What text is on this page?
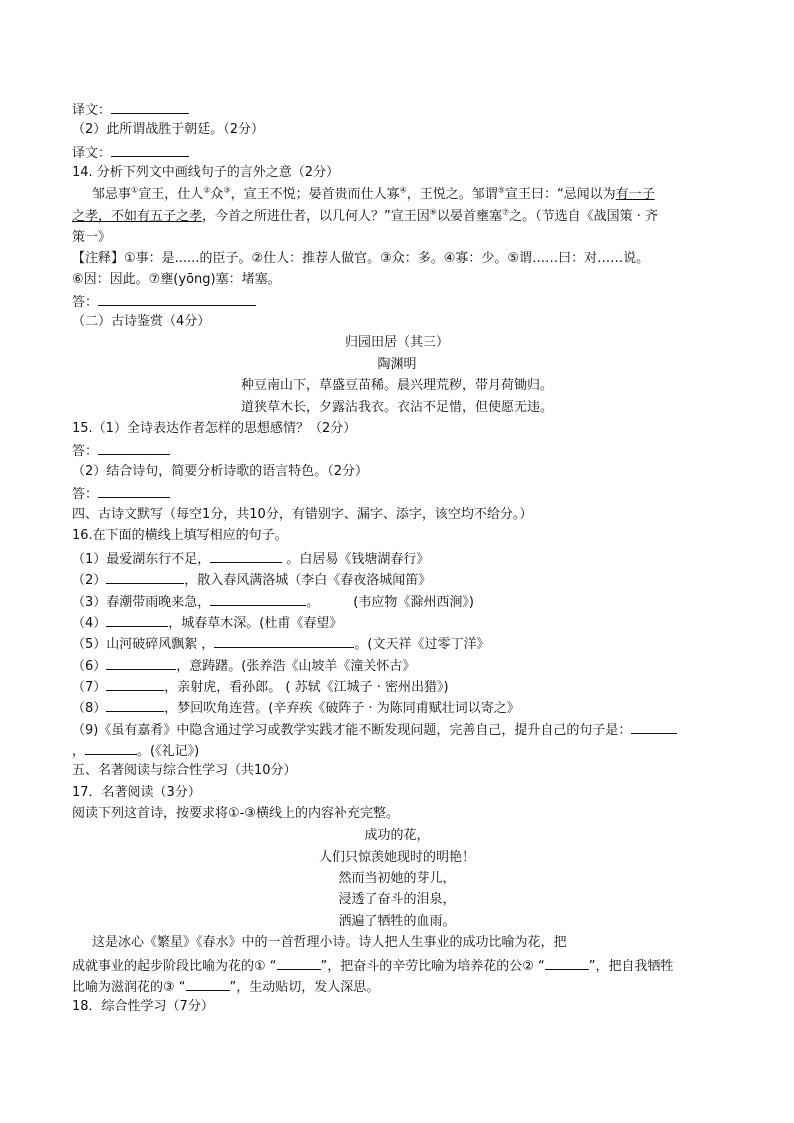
译文：
（2）此所谓战胜于朝廷。（2分）
译文：
14. 分析下列文中画线句子的言外之意（2分）
邹忌事①宣王，仕人②众③，宣王不悦；晏首贵而仕人寡④，王悦之。邹谓⑤宣王曰：“忌闻以为有一子
之孝，不如有五子之孝，今首之所进仕者，以几何人？”宣王因⑥以晏首壅塞⑦之。（节选自《战国策 · 齐
策一》
【注释】①事：是......的臣子。②仕人：推荐人做官。③众：多。④寡：少。⑤谓……曰：对……说。
⑥因：因此。⑦壅(yōng)塞：堵塞。
答：
（二）古诗鉴赏（4分）
归园田居（其三）
陶渊明
种豆南山下，草盛豆苗稀。晨兴理荒秽，带月荷锄归。
道狭草木长，夕露沾我衣。衣沾不足惜，但使愿无违。
15.（1）全诗表达作者怎样的思想感情？（2分）
答：
（2）结合诗句，简要分析诗歌的语言特色。（2分）
答：
四、古诗文默写（每空1分，共10分，有错别字、漏字、添字，该空均不给分。）
16.在下面的横线上填写相应的句子。
（1）最爱湖东行不足，	。白居易《钱塘湖春行》
（2）	，散入春风满洛城（李白《春夜洛城闻笛》
（3）春潮带雨晚来急，	。	(韦应物《滁州西涧》)
（4）	，城春草木深。(杜甫《春望》
（5）山河破碎风飘絮 ，	。(文天祥《过零丁洋》
（6）	，意踌躇。(张养浩《山坡羊《潼关怀古》
（7）	，亲射虎，看孙郎。 ( 苏轼《江城子 · 密州出猎》)
（8）	，梦回吹角连营。(辛弃疾《破阵子 · 为陈同甫赋壮词以寄之》
（9)《虽有嘉肴》中隐含通过学习或教学实践才能不断发现问题，完善自己，提升自己的句子是：
，	。(《礼记》)
五、名著阅读与综合性学习（共10分）
17．名著阅读（3分）
阅读下列这首诗，按要求将①-③横线上的内容补充完整。
成功的花，
人们只惊羡她现时的明艳！
然而当初她的芽儿，
浸透了奋斗的泪泉，
洒遍了牺牲的血雨。
这是冰心《繁星》《春水》中的一首哲理小诗。诗人把人生事业的成功比喻为花，把
成就事业的起步阶段比喻为花的① “	”，把奋斗的辛劳比喻为培养花的公② “	”，把自我牺牲
比喻为滋润花的③ “	”，生动贴切，发人深思。
18．综合性学习（7分）
